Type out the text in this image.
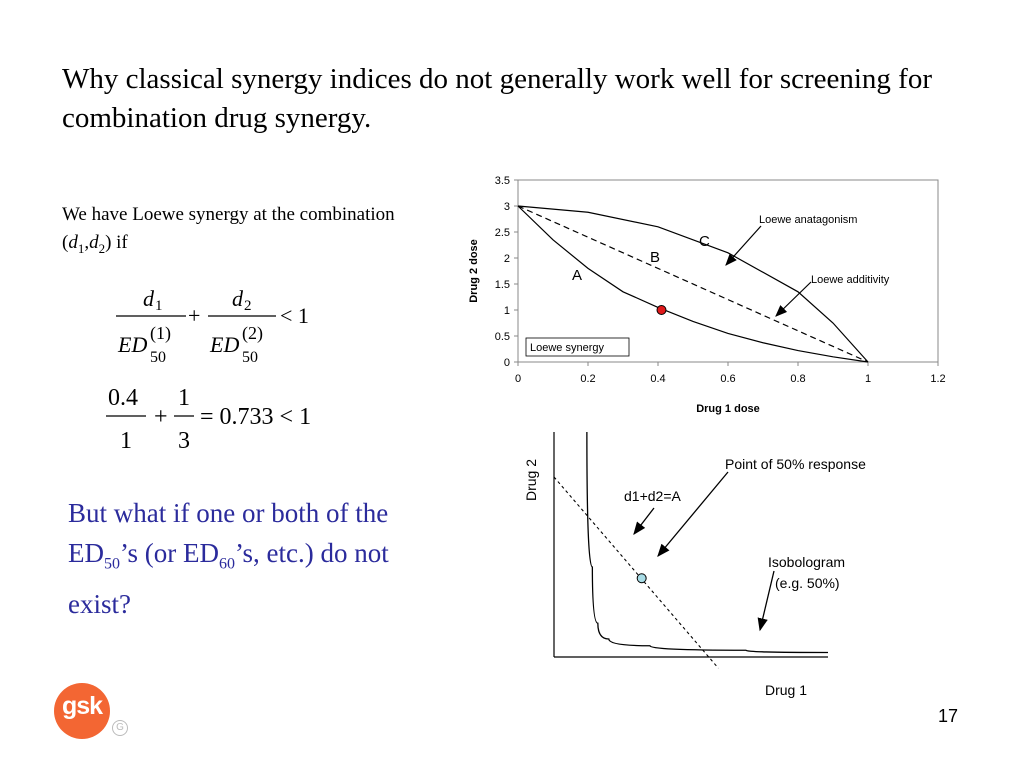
Why classical synergy indices do not generally work well for screening for combination drug synergy.
We have Loewe synergy at the combination $(d_1,d_2)$ if
d 1
ED (1)
50
+
d 2
ED (2)
50
< 1
0.4
1
+
1
3
= 0.733 < 1
But what if one or both of the
$ED_{50}’s$ (or $ED_{60}’s$, etc.) do not
exist?
0
0.5
1
1.5
2
2.5
3
3.5
0	0.2	0.4	0.6	0.8	1	1.2
A
B
C
Loewe anatagonism
Loewe additivity
Loewe synergy
Drug 1 dose
Drug 2 dose
Point of 50% response
d1+d2=A
Isobologram
(e.g. 50%)
Drug 1
Drug 2
gsk
G
17
